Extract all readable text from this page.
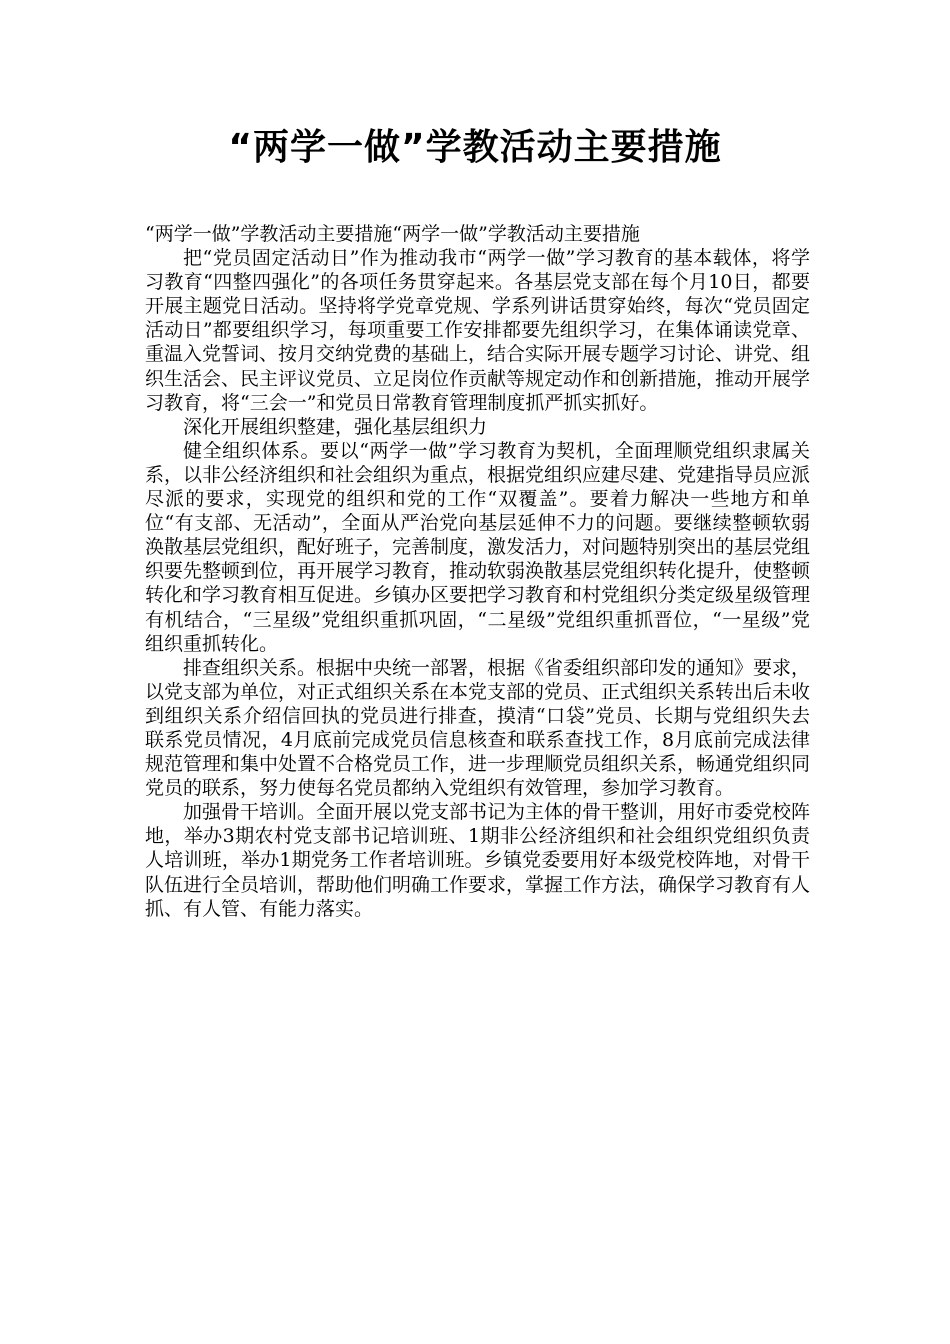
“两学一做”学教活动主要措施

“两学一做”学教活动主要措施“两学一做”学教活动主要措施

把“党员固定活动日”作为推动我市“两学一做”学习教育的基本载体，将学习教育“四整四强化”的各项任务贯穿起来。各基层党支部在每个月10日，都要开展主题党日活动。坚持将学党章党规、学系列讲话贯穿始终，每次“党员固定活动日”都要组织学习，每项重要工作安排都要先组织学习，在集体诵读党章、重温入党誓词、按月交纳党费的基础上，结合实际开展专题学习讨论、讲党、组织生活会、民主评议党员、立足岗位作贡献等规定动作和创新措施，推动开展学习教育，将“三会一”和党员日常教育管理制度抓严抓实抓好。

深化开展组织整建，强化基层组织力

健全组织体系。要以“两学一做”学习教育为契机，全面理顺党组织隶属关系，以非公经济组织和社会组织为重点，根据党组织应建尽建、党建指导员应派尽派的要求，实现党的组织和党的工作“双覆盖”。要着力解决一些地方和单位“有支部、无活动”，全面从严治党向基层延伸不力的问题。要继续整顿软弱涣散基层党组织，配好班子，完善制度，激发活力，对问题特别突出的基层党组织要先整顿到位，再开展学习教育，推动软弱涣散基层党组织转化提升，使整顿转化和学习教育相互促进。乡镇办区要把学习教育和村党组织分类定级星级管理有机结合，“三星级”党组织重抓巩固，“二星级”党组织重抓晋位，“一星级”党组织重抓转化。

排查组织关系。根据中央统一部署，根据《省委组织部印发的通知》要求，以党支部为单位，对正式组织关系在本党支部的党员、正式组织关系转出后未收到组织关系介绍信回执的党员进行排查，摸清“口袋”党员、长期与党组织失去联系党员情况，4月底前完成党员信息核查和联系查找工作，8月底前完成法律规范管理和集中处置不合格党员工作，进一步理顺党员组织关系，畅通党组织同党员的联系，努力使每名党员都纳入党组织有效管理，参加学习教育。

加强骨干培训。全面开展以党支部书记为主体的骨干整训，用好市委党校阵地，举办3期农村党支部书记培训班、1期非公经济组织和社会组织党组织负责人培训班，举办1期党务工作者培训班。乡镇党委要用好本级党校阵地，对骨干队伍进行全员培训，帮助他们明确工作要求，掌握工作方法，确保学习教育有人抓、有人管、有能力落实。
